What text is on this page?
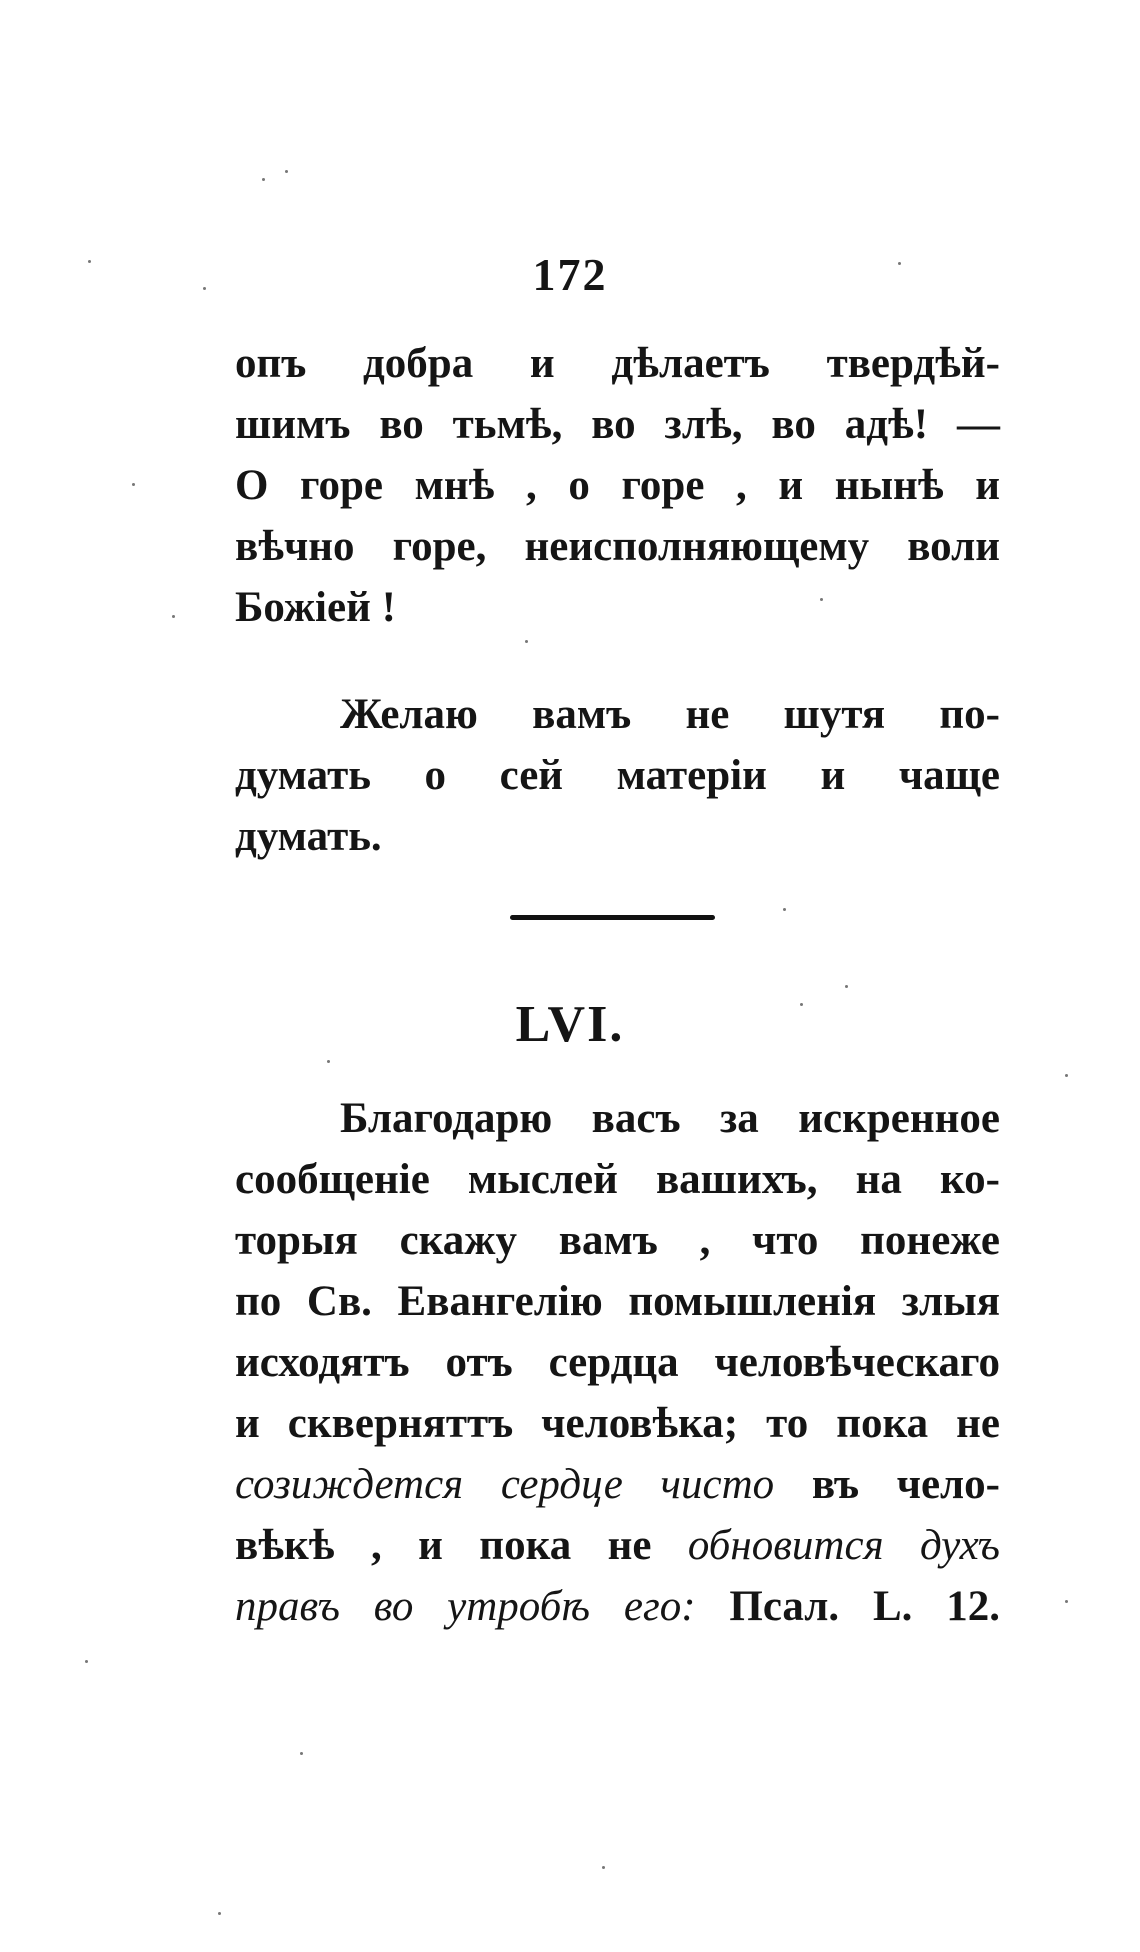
172
опъ добра и дѣлаетъ твердѣй-
шимъ во тьмѣ, во злѣ, во адѣ! —
О горе мнѣ , о горе , и нынѣ и
вѣчно горе, неисполняющему воли
Божiей !
Желаю вамъ не шутя по-
думать о сей матерiи и чаще
думать.
LVI.
Благодарю васъ за искренное
сообщенiе мыслей вашихъ, на ко-
торыя скажу вамъ , что понеже
по Св. Евангелiю помышленiя злыя
исходятъ отъ сердца человѣческаго
и скверняттъ человѣка; то пока не
созиждется сердце чисто въ чело-
вѣкѣ , и пока не обновится духъ
правъ во утробѣ его: Псал. L. 12.
